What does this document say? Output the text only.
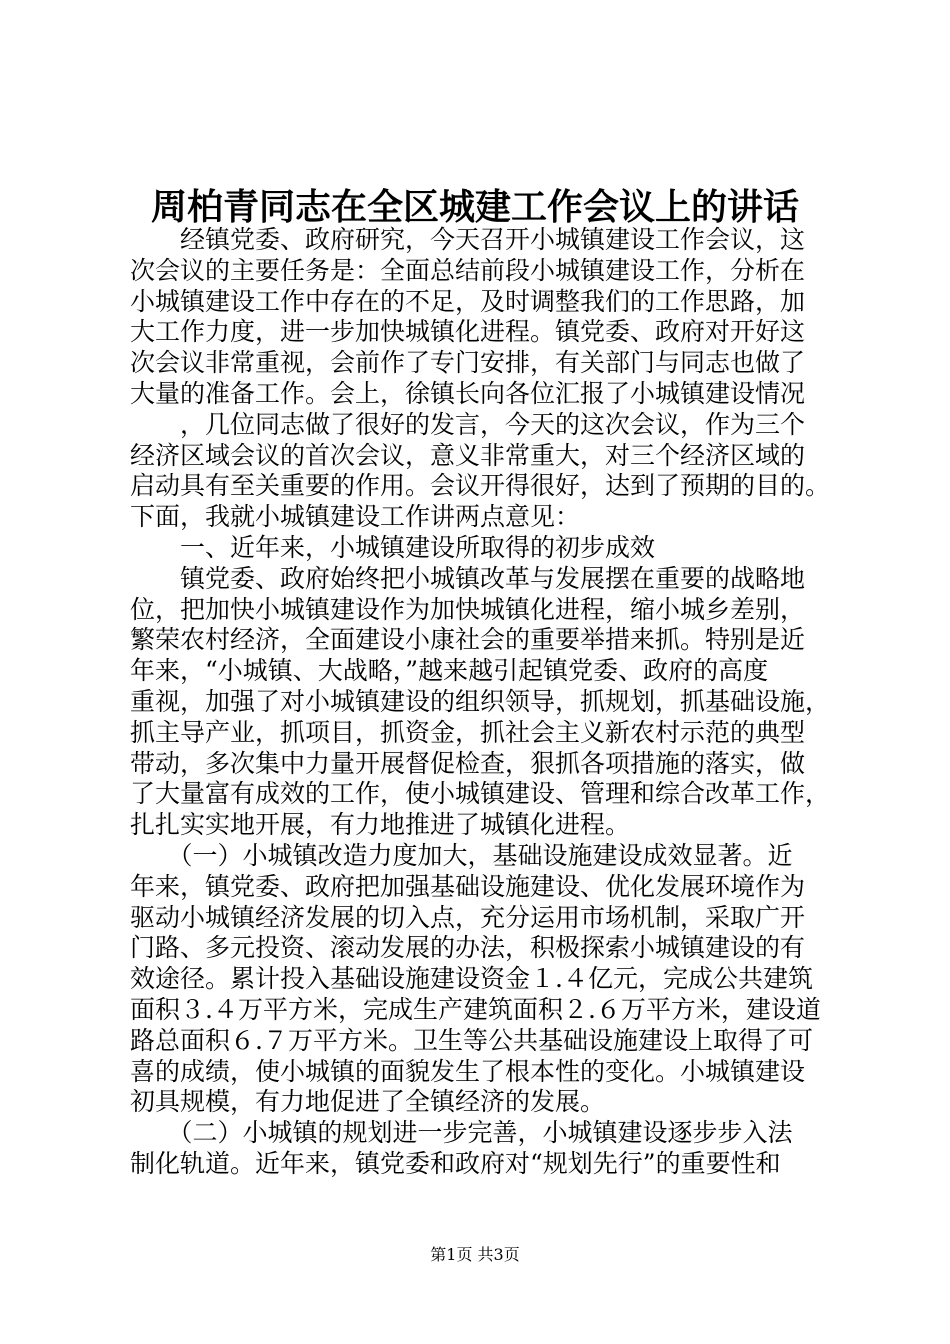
周柏青同志在全区城建工作会议上的讲话
　　经镇党委、政府研究，今天召开小城镇建设工作会议，这
次会议的主要任务是：全面总结前段小城镇建设工作，分析在
小城镇建设工作中存在的不足，及时调整我们的工作思路，加
大工作力度，进一步加快城镇化进程。镇党委、政府对开好这
次会议非常重视，会前作了专门安排，有关部门与同志也做了
大量的准备工作。会上，徐镇长向各位汇报了小城镇建设情况
　　，几位同志做了很好的发言，今天的这次会议，作为三个
经济区域会议的首次会议，意义非常重大，对三个经济区域的
启动具有至关重要的作用。会议开得很好，达到了预期的目的。
下面，我就小城镇建设工作讲两点意见：
　　一、近年来，小城镇建设所取得的初步成效
　　镇党委、政府始终把小城镇改革与发展摆在重要的战略地
位，把加快小城镇建设作为加快城镇化进程，缩小城乡差别，
繁荣农村经济，全面建设小康社会的重要举措来抓。特别是近
年来，“小城镇、大战略，”越来越引起镇党委、政府的高度
重视，加强了对小城镇建设的组织领导，抓规划，抓基础设施，
抓主导产业，抓项目，抓资金，抓社会主义新农村示范的典型
带动，多次集中力量开展督促检查，狠抓各项措施的落实，做
了大量富有成效的工作，使小城镇建设、管理和综合改革工作，
扎扎实实地开展，有力地推进了城镇化进程。
　　（一）小城镇改造力度加大，基础设施建设成效显著。近
年来，镇党委、政府把加强基础设施建设、优化发展环境作为
驱动小城镇经济发展的切入点，充分运用市场机制，采取广开
门路、多元投资、滚动发展的办法，积极探索小城镇建设的有
效途径。累计投入基础设施建设资金１.４亿元，完成公共建筑
面积３.４万平方米，完成生产建筑面积２.６万平方米，建设道
路总面积６.７万平方米。卫生等公共基础设施建设上取得了可
喜的成绩，使小城镇的面貌发生了根本性的变化。小城镇建设
初具规模，有力地促进了全镇经济的发展。
　　（二）小城镇的规划进一步完善，小城镇建设逐步步入法
制化轨道。近年来，镇党委和政府对“规划先行”的重要性和
第1页 共3页
